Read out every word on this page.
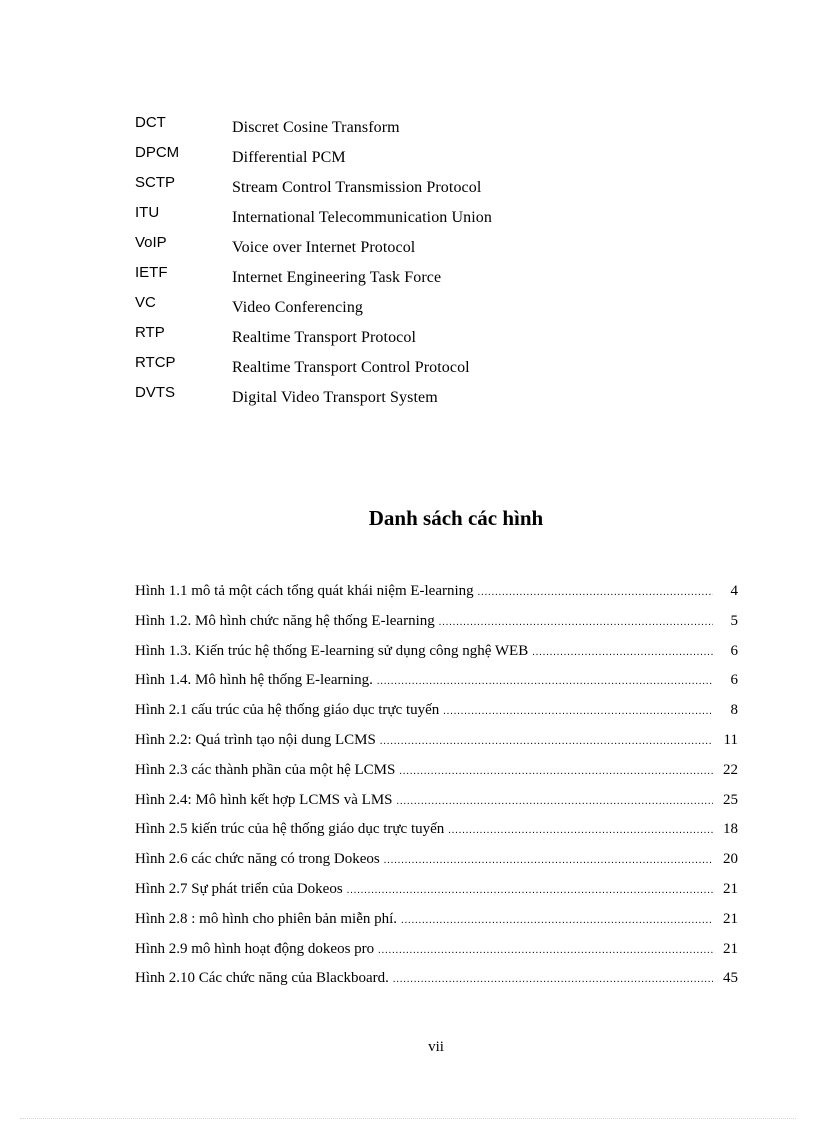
DCT	Discret Cosine Transform
DPCM	Differential PCM
SCTP	Stream Control Transmission Protocol
ITU	International Telecommunication Union
VoIP	Voice over Internet Protocol
IETF	Internet Engineering Task Force
VC	Video Conferencing
RTP	Realtime Transport Protocol
RTCP	Realtime Transport Control Protocol
DVTS	Digital Video Transport System
Danh sách các hình
Hình 1.1 mô tả một cách tổng quát khái niệm E-learning .....	4
Hình 1.2. Mô hình chức năng hệ thống E-learning .....	5
Hình 1.3. Kiến trúc hệ thống E-learning sử dụng công nghệ WEB .....	6
Hình 1.4. Mô hình hệ thống E-learning. .....	6
Hình 2.1 cấu trúc của hệ thống giáo dục trực tuyến .....	8
Hình 2.2: Quá trình tạo nội dung LCMS .....	11
Hình 2.3 các thành phần của một hệ LCMS .....	22
Hình 2.4: Mô hình kết hợp LCMS và LMS .....	25
Hình 2.5 kiến trúc của hệ thống giáo dục trực tuyến .....	18
Hình 2.6 các chức năng có trong Dokeos .....	20
Hình 2.7 Sự phát triển của Dokeos .....	21
Hình 2.8 : mô hình cho phiên bản miễn phí. .....	21
Hình 2.9 mô hình hoạt động dokeos pro .....	21
Hình 2.10 Các chức năng của Blackboard. .....	45
vii
